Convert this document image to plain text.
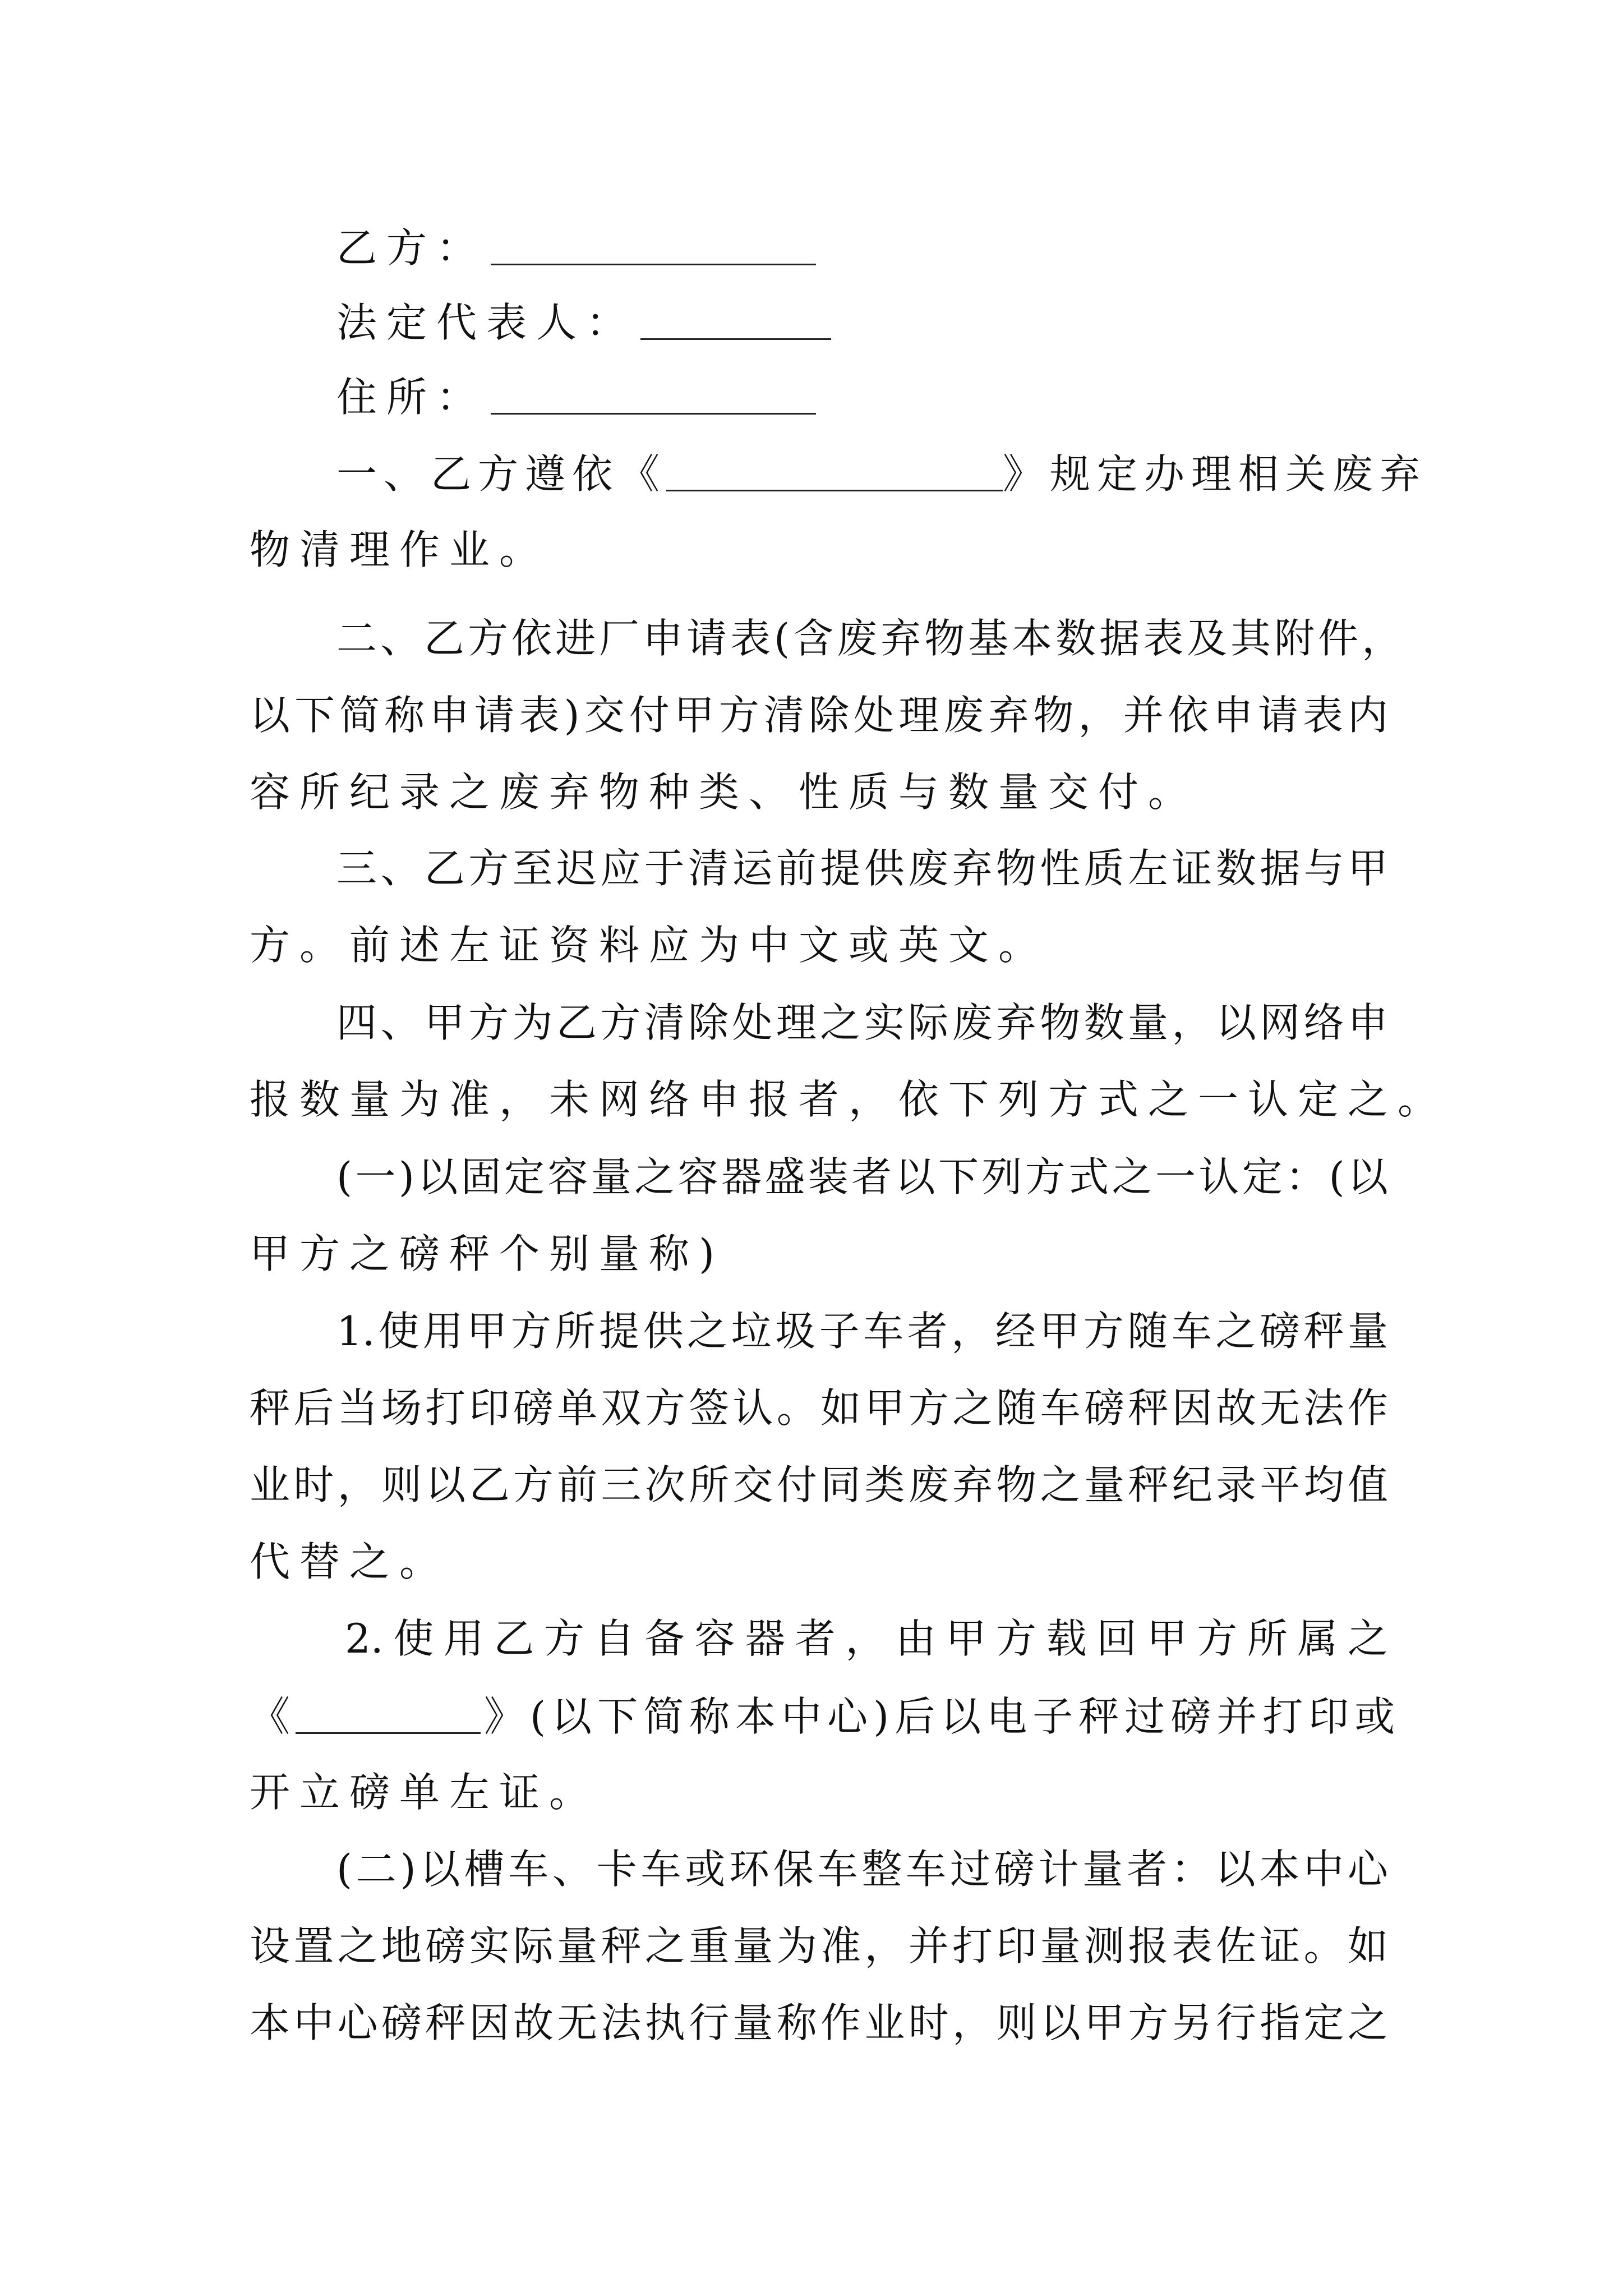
乙方：

法定代表人：

住所：

一、乙方遵依《	》规定办理相关废弃

物清理作业。

二、乙方依进厂申请表(含废弃物基本数据表及其附件，

以下简称申请表)交付甲方清除处理废弃物，并依申请表内

容所纪录之废弃物种类、性质与数量交付。

三、乙方至迟应于清运前提供废弃物性质左证数据与甲

方。前述左证资料应为中文或英文。

四、甲方为乙方清除处理之实际废弃物数量，以网络申

报数量为准，未网络申报者，依下列方式之一认定之。

(一)以固定容量之容器盛装者以下列方式之一认定：(以

甲方之磅秤个别量称)

1.使用甲方所提供之垃圾子车者，经甲方随车之磅秤量

秤后当场打印磅单双方签认。如甲方之随车磅秤因故无法作

业时，则以乙方前三次所交付同类废弃物之量秤纪录平均值

代替之。

2.使用乙方自备容器者，由甲方载回甲方所属之

《	》(以下简称本中心)后以电子秤过磅并打印或

开立磅单左证。

(二)以槽车、卡车或环保车整车过磅计量者：以本中心

设置之地磅实际量秤之重量为准，并打印量测报表佐证。如

本中心磅秤因故无法执行量称作业时，则以甲方另行指定之
